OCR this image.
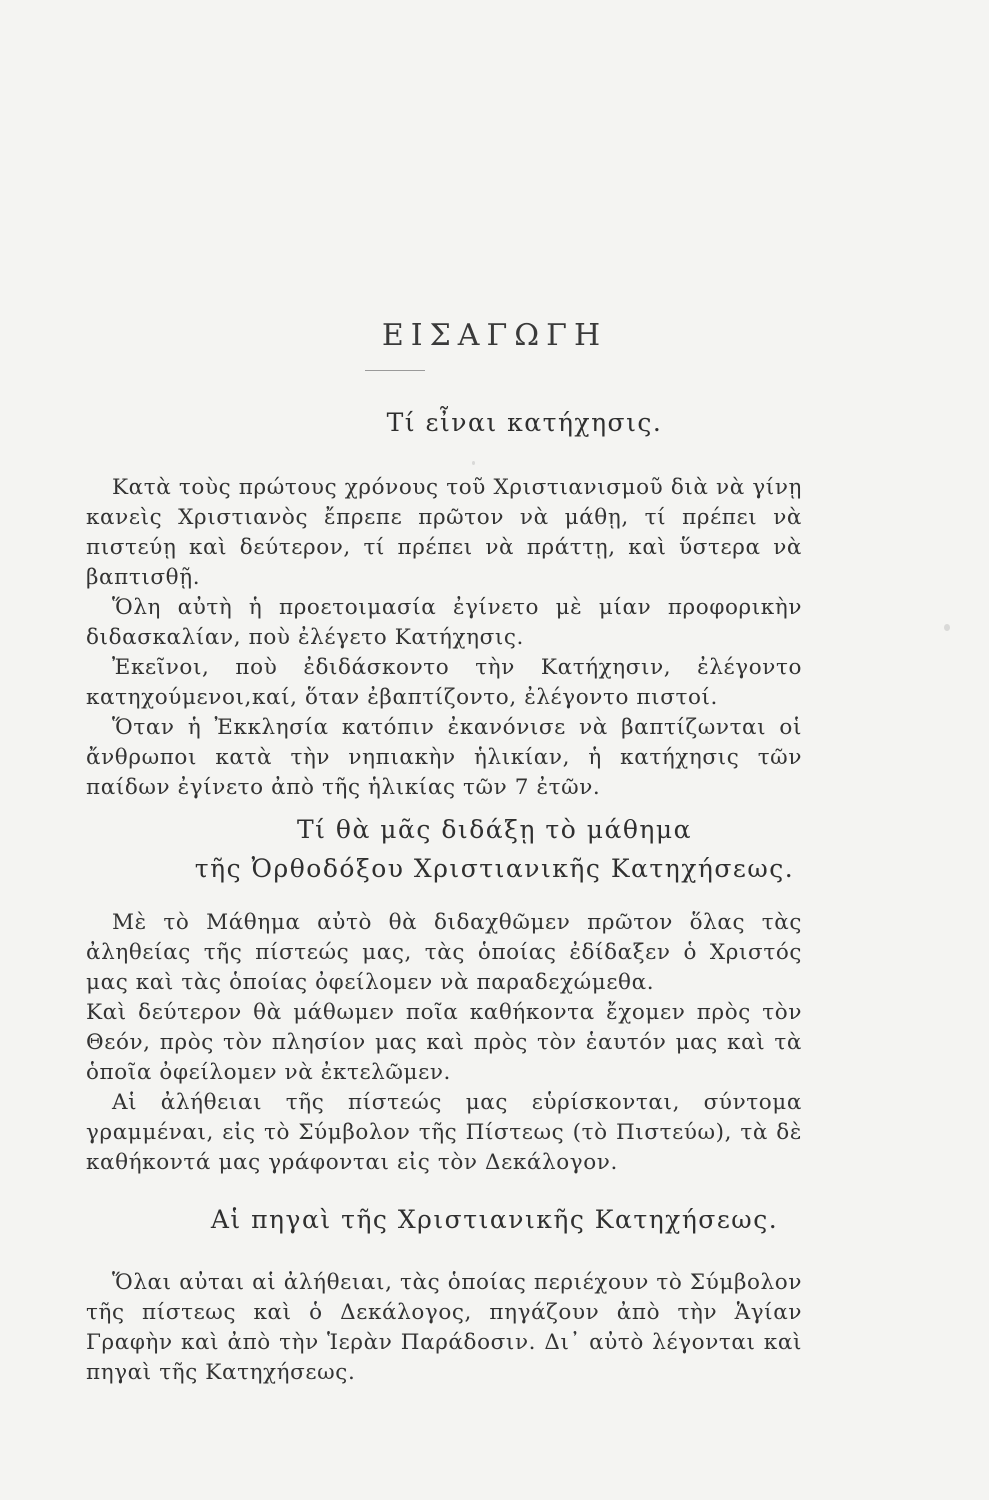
ΕΙΣΑΓΩΓΗ
Τί εἶναι κατήχησις.

Κατὰ τοὺς πρώτους χρόνους τοῦ Χριστιανισμοῦ διὰ νὰ γίνῃ κανεὶς Χριστιανὸς ἔπρεπε πρῶτον νὰ μάθῃ, τί πρέπει νὰ πιστεύῃ καὶ δεύτερον, τί πρέπει νὰ πράττῃ, καὶ ὕστερα νὰ βαπτισθῇ.

Ὅλη αὐτὴ ἡ προετοιμασία ἐγίνετο μὲ μίαν προφορικὴν διδασκαλίαν, ποὺ ἐλέγετο Κατήχησις.

Ἐκεῖνοι, ποὺ ἐδιδάσκοντο τὴν Κατήχησιν, ἐλέγοντο κατηχούμενοι,καί, ὅταν ἐβαπτίζοντο, ἐλέγοντο πιστοί.

Ὅταν ἡ Ἐκκλησία κατόπιν ἐκανόνισε νὰ βαπτίζωνται οἱ ἄνθρωποι κατὰ τὴν νηπιακὴν ἡλικίαν, ἡ κατήχησις τῶν παίδων ἐγίνετο ἀπὸ τῆς ἡλικίας τῶν 7 ἐτῶν.

Τί θὰ μᾶς διδάξῃ τὸ μάθημα
τῆς Ὀρθοδόξου Χριστιανικῆς Κατηχήσεως.

Μὲ τὸ Μάθημα αὐτὸ θὰ διδαχθῶμεν πρῶτον ὅλας τὰς ἀληθείας τῆς πίστεώς μας, τὰς ὁποίας ἐδίδαξεν ὁ Χριστός μας καὶ τὰς ὁποίας ὀφείλομεν νὰ παραδεχώμεθα.

Καὶ δεύτερον θὰ μάθωμεν ποῖα καθήκοντα ἔχομεν πρὸς τὸν Θεόν, πρὸς τὸν πλησίον μας καὶ πρὸς τὸν ἑαυτόν μας καὶ τὰ ὁποῖα ὀφείλομεν νὰ ἐκτελῶμεν.

Αἱ ἀλήθειαι τῆς πίστεώς μας εὑρίσκονται, σύντομα γραμμέναι, εἰς τὸ Σύμβολον τῆς Πίστεως (τὸ Πιστεύω), τὰ δὲ καθήκοντά μας γράφονται εἰς τὸν Δεκάλογον.

Αἱ πηγαὶ τῆς Χριστιανικῆς Κατηχήσεως.

Ὅλαι αὐται αἱ ἀλήθειαι, τὰς ὁποίας περιέχουν τὸ Σύμβολον τῆς πίστεως καὶ ὁ Δεκάλογος, πηγάζουν ἀπὸ τὴν Ἁγίαν Γραφὴν καὶ ἀπὸ τὴν Ἱερὰν Παράδοσιν. Δι᾽ αὐτὸ λέγονται καὶ πηγαὶ τῆς Κατηχήσεως.
